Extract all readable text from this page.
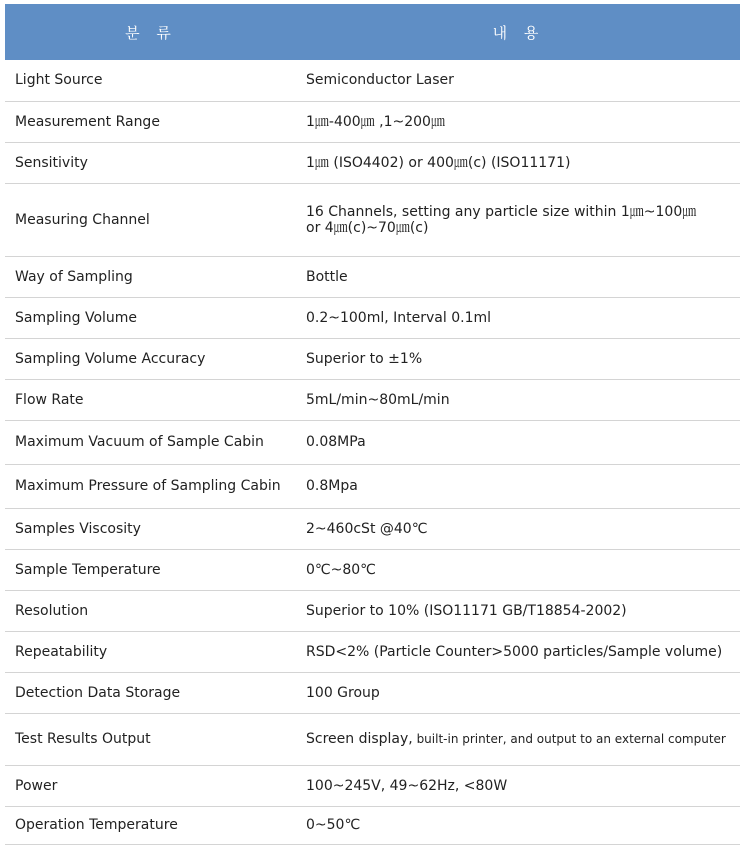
분 류	내 용
Light Source	Semiconductor Laser
Measurement Range	1㎛-400㎛ ,1~200㎛
Sensitivity	1㎛ (ISO4402) or 400㎛(c) (ISO11171)
Measuring Channel	16 Channels, setting any particle size within 1㎛~100㎛
or 4㎛(c)~70㎛(c)

Way of Sampling	Bottle
Sampling Volume	0.2~100ml, Interval 0.1ml
Sampling Volume Accuracy	Superior to ±1%
Flow Rate	5mL/min~80mL/min
Maximum Vacuum of Sample Cabin	0.08MPa
Maximum Pressure of Sampling Cabin	0.8Mpa
Samples Viscosity	2~460cSt @40℃
Sample Temperature	0℃~80℃
Resolution	Superior to 10% (ISO11171 GB/T18854-2002)
Repeatability	RSD<2% (Particle Counter>5000 particles/Sample volume)
Detection Data Storage	100 Group
Test Results Output	Screen display, built-in printer, and output to an external computer
Power	100~245V, 49~62Hz, <80W
Operation Temperature	0~50℃
